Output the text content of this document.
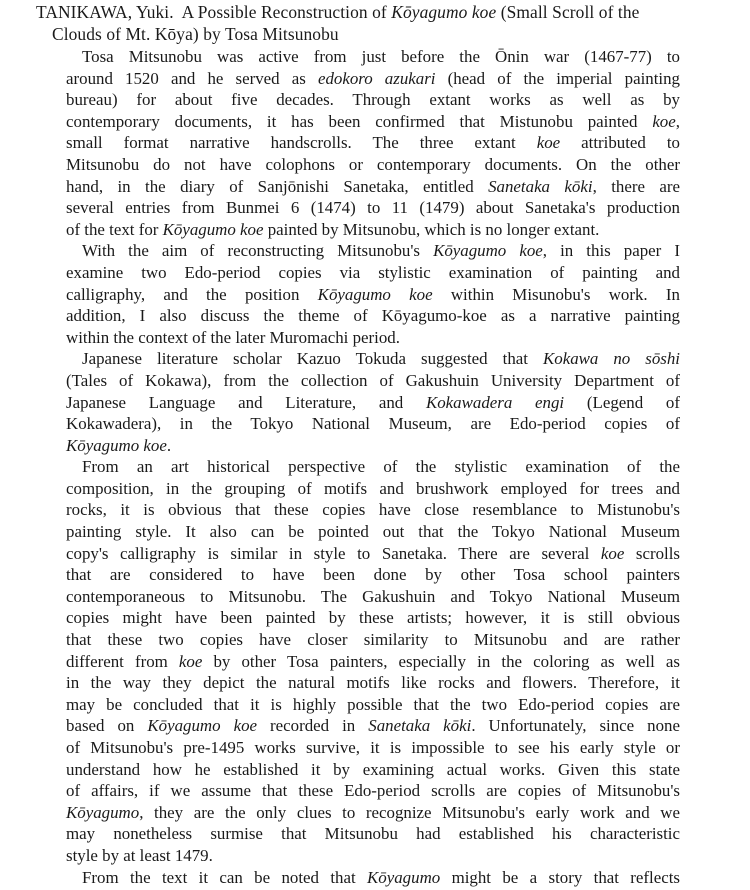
TANIKAWA, Yuki. A Possible Reconstruction of Kōyagumo koe (Small Scroll of the
Clouds of Mt. Kōya) by Tosa Mitsunobu
Tosa Mitsunobu was active from just before the Ōnin war (1467-77) to
around 1520 and he served as edokoro azukari (head of the imperial painting
bureau) for about five decades. Through extant works as well as by
contemporary documents, it has been confirmed that Mistunobu painted koe,
small format narrative handscrolls. The three extant koe attributed to
Mitsunobu do not have colophons or contemporary documents. On the other
hand, in the diary of Sanjōnishi Sanetaka, entitled Sanetaka kōki, there are
several entries from Bunmei 6 (1474) to 11 (1479) about Sanetaka's production
of the text for Kōyagumo koe painted by Mitsunobu, which is no longer extant.
With the aim of reconstructing Mitsunobu's Kōyagumo koe, in this paper I
examine two Edo-period copies via stylistic examination of painting and
calligraphy, and the position Kōyagumo koe within Misunobu's work. In
addition, I also discuss the theme of Kōyagumo-koe as a narrative painting
within the context of the later Muromachi period.
Japanese literature scholar Kazuo Tokuda suggested that Kokawa no sōshi
(Tales of Kokawa), from the collection of Gakushuin University Department of
Japanese Language and Literature, and Kokawadera engi (Legend of
Kokawadera), in the Tokyo National Museum, are Edo-period copies of
Kōyagumo koe.
From an art historical perspective of the stylistic examination of the
composition, in the grouping of motifs and brushwork employed for trees and
rocks, it is obvious that these copies have close resemblance to Mistunobu's
painting style. It also can be pointed out that the Tokyo National Museum
copy's calligraphy is similar in style to Sanetaka. There are several koe scrolls
that are considered to have been done by other Tosa school painters
contemporaneous to Mitsunobu. The Gakushuin and Tokyo National Museum
copies might have been painted by these artists; however, it is still obvious
that these two copies have closer similarity to Mitsunobu and are rather
different from koe by other Tosa painters, especially in the coloring as well as
in the way they depict the natural motifs like rocks and flowers. Therefore, it
may be concluded that it is highly possible that the two Edo-period copies are
based on Kōyagumo koe recorded in Sanetaka kōki. Unfortunately, since none
of Mitsunobu's pre-1495 works survive, it is impossible to see his early style or
understand how he established it by examining actual works. Given this state
of affairs, if we assume that these Edo-period scrolls are copies of Mitsunobu's
Kōyagumo, they are the only clues to recognize Mitsunobu's early work and we
may nonetheless surmise that Mitsunobu had established his characteristic
style by at least 1479.
From the text it can be noted that Kōyagumo might be a story that reflects
